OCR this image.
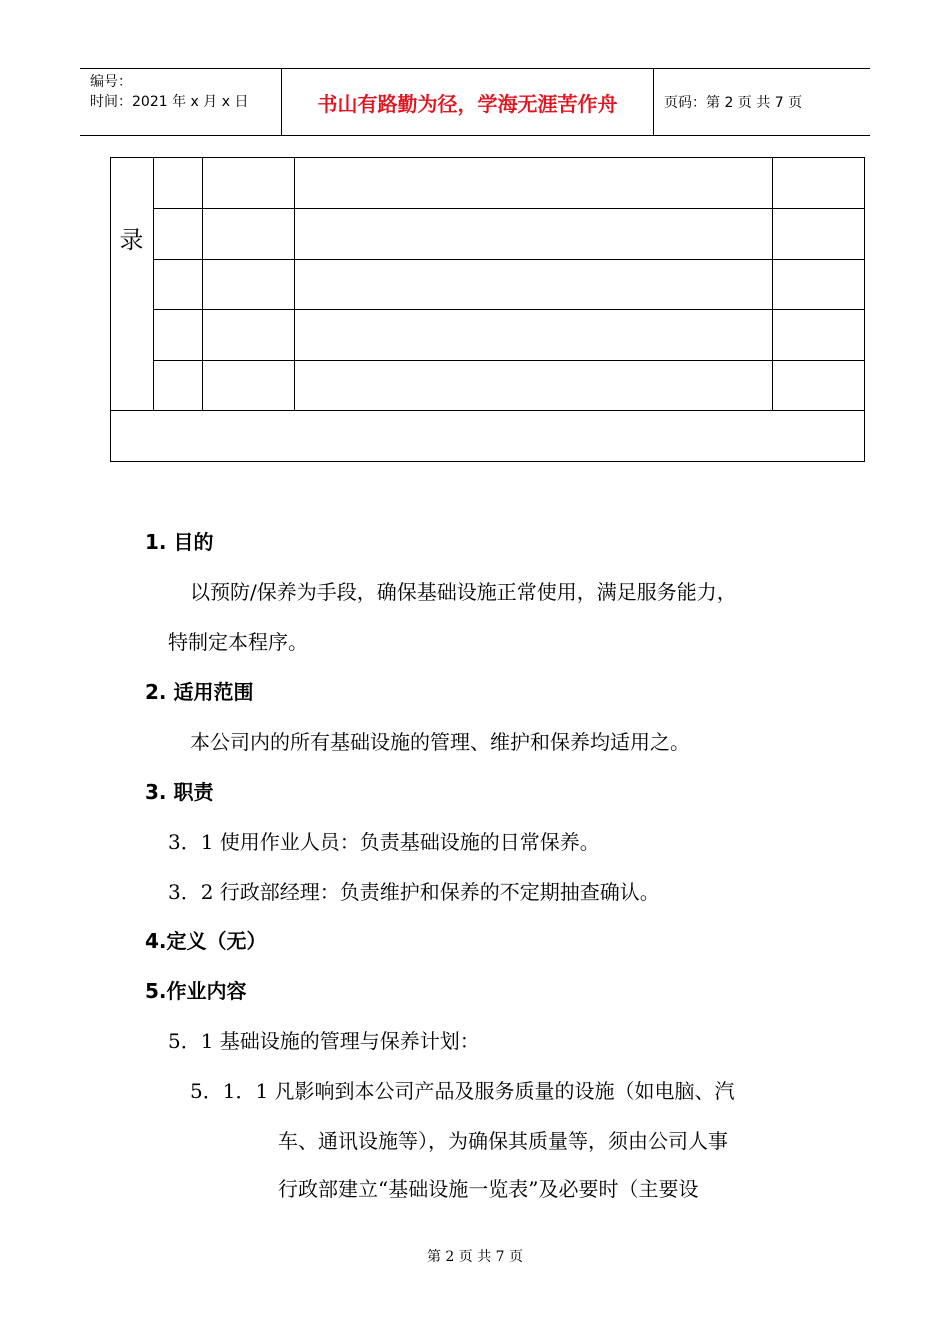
编号：
时间：2021 年 x 月 x 日	书山有路勤为径，学海无涯苦作舟	页码：第 2 页 共 7 页
录
1. 目的
以预防/保养为手段，确保基础设施正常使用，满足服务能力，
特制定本程序。
2. 适用范围
本公司内的所有基础设施的管理、维护和保养均适用之。
3. 职责
3．1 使用作业人员：负责基础设施的日常保养。
3．2 行政部经理：负责维护和保养的不定期抽查确认。
4.定义（无）
5.作业内容
5．1 基础设施的管理与保养计划：
5．1．1 凡影响到本公司产品及服务质量的设施（如电脑、汽
车、通讯设施等），为确保其质量等，须由公司人事
行政部建立“基础设施一览表”及必要时（主要设
第 2 页 共 7 页
